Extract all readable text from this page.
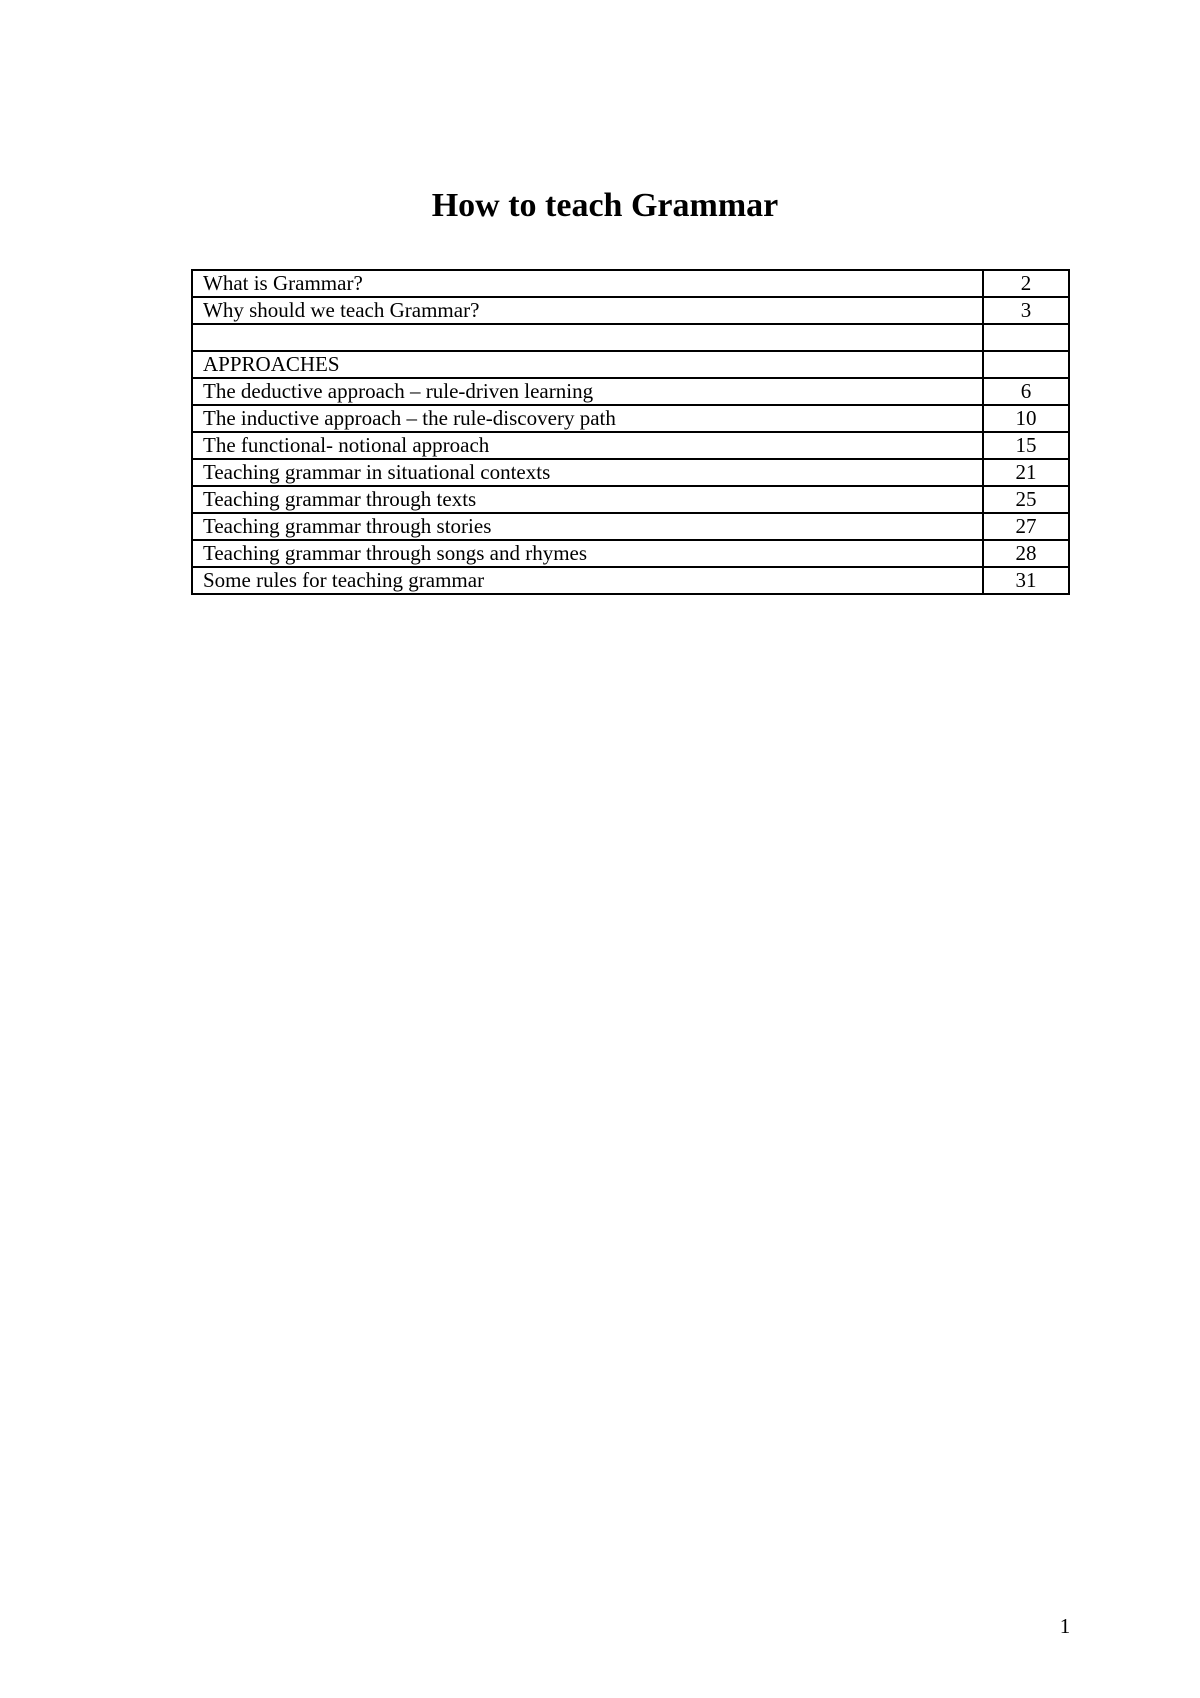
How to teach Grammar
What is Grammar?	2
Why should we teach Grammar?	3

APPROACHES	
The deductive approach – rule-driven learning	6
The inductive approach – the rule-discovery path	10
The functional- notional approach	15
Teaching grammar in situational contexts	21
Teaching grammar through texts	25
Teaching grammar through stories	27
Teaching grammar through songs and rhymes	28
Some rules for teaching grammar	31
1
